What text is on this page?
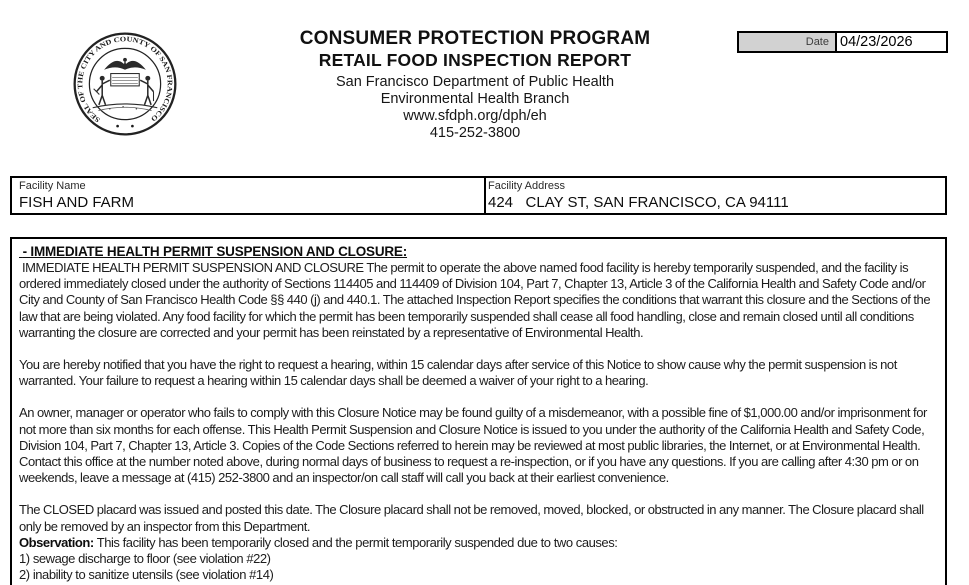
SEAL OF THE CITY AND COUNTY OF SAN FRANCISCO
CONSUMER PROTECTION PROGRAM
RETAIL FOOD INSPECTION REPORT
San Francisco Department of Public Health
Environmental Health Branch
www.sfdph.org/dph/eh
415-252-3800
Date 04/23/2026
Facility Name
FISH AND FARM
Facility Address
424   CLAY ST, SAN FRANCISCO, CA 94111
- IMMEDIATE HEALTH PERMIT SUSPENSION AND CLOSURE:

IMMEDIATE HEALTH PERMIT SUSPENSION AND CLOSURE The permit to operate the above named food facility is hereby temporarily suspended, and the facility is ordered immediately closed under the authority of Sections 114405 and 114409 of Division 104, Part 7, Chapter 13, Article 3 of the California Health and Safety Code and/or City and County of San Francisco Health Code §§ 440 (j) and 440.1. The attached Inspection Report specifies the conditions that warrant this closure and the Sections of the law that are being violated. Any food facility for which the permit has been temporarily suspended shall cease all food handling, close and remain closed until all conditions warranting the closure are corrected and your permit has been reinstated by a representative of Environmental Health.

You are hereby notified that you have the right to request a hearing, within 15 calendar days after service of this Notice to show cause why the permit suspension is not warranted. Your failure to request a hearing within 15 calendar days shall be deemed a waiver of your right to a hearing.

An owner, manager or operator who fails to comply with this Closure Notice may be found guilty of a misdemeanor, with a possible fine of $1,000.00 and/or imprisonment for not more than six months for each offense. This Health Permit Suspension and Closure Notice is issued to you under the authority of the California Health and Safety Code, Division 104, Part 7, Chapter 13, Article 3. Copies of the Code Sections referred to herein may be reviewed at most public libraries, the Internet, or at Environmental Health. Contact this office at the number noted above, during normal days of business to request a re-inspection, or if you have any questions. If you are calling after 4:30 pm or on weekends, leave a message at (415) 252-3800 and an inspector/on call staff will call you back at their earliest convenience.

The CLOSED placard was issued and posted this date. The Closure placard shall not be removed, moved, blocked, or obstructed in any manner. The Closure placard shall only be removed by an inspector from this Department.

Observation: This facility has been temporarily closed and the permit temporarily suspended due to two causes:
1) sewage discharge to floor (see violation #22)
2) inability to sanitize utensils (see violation #14)
